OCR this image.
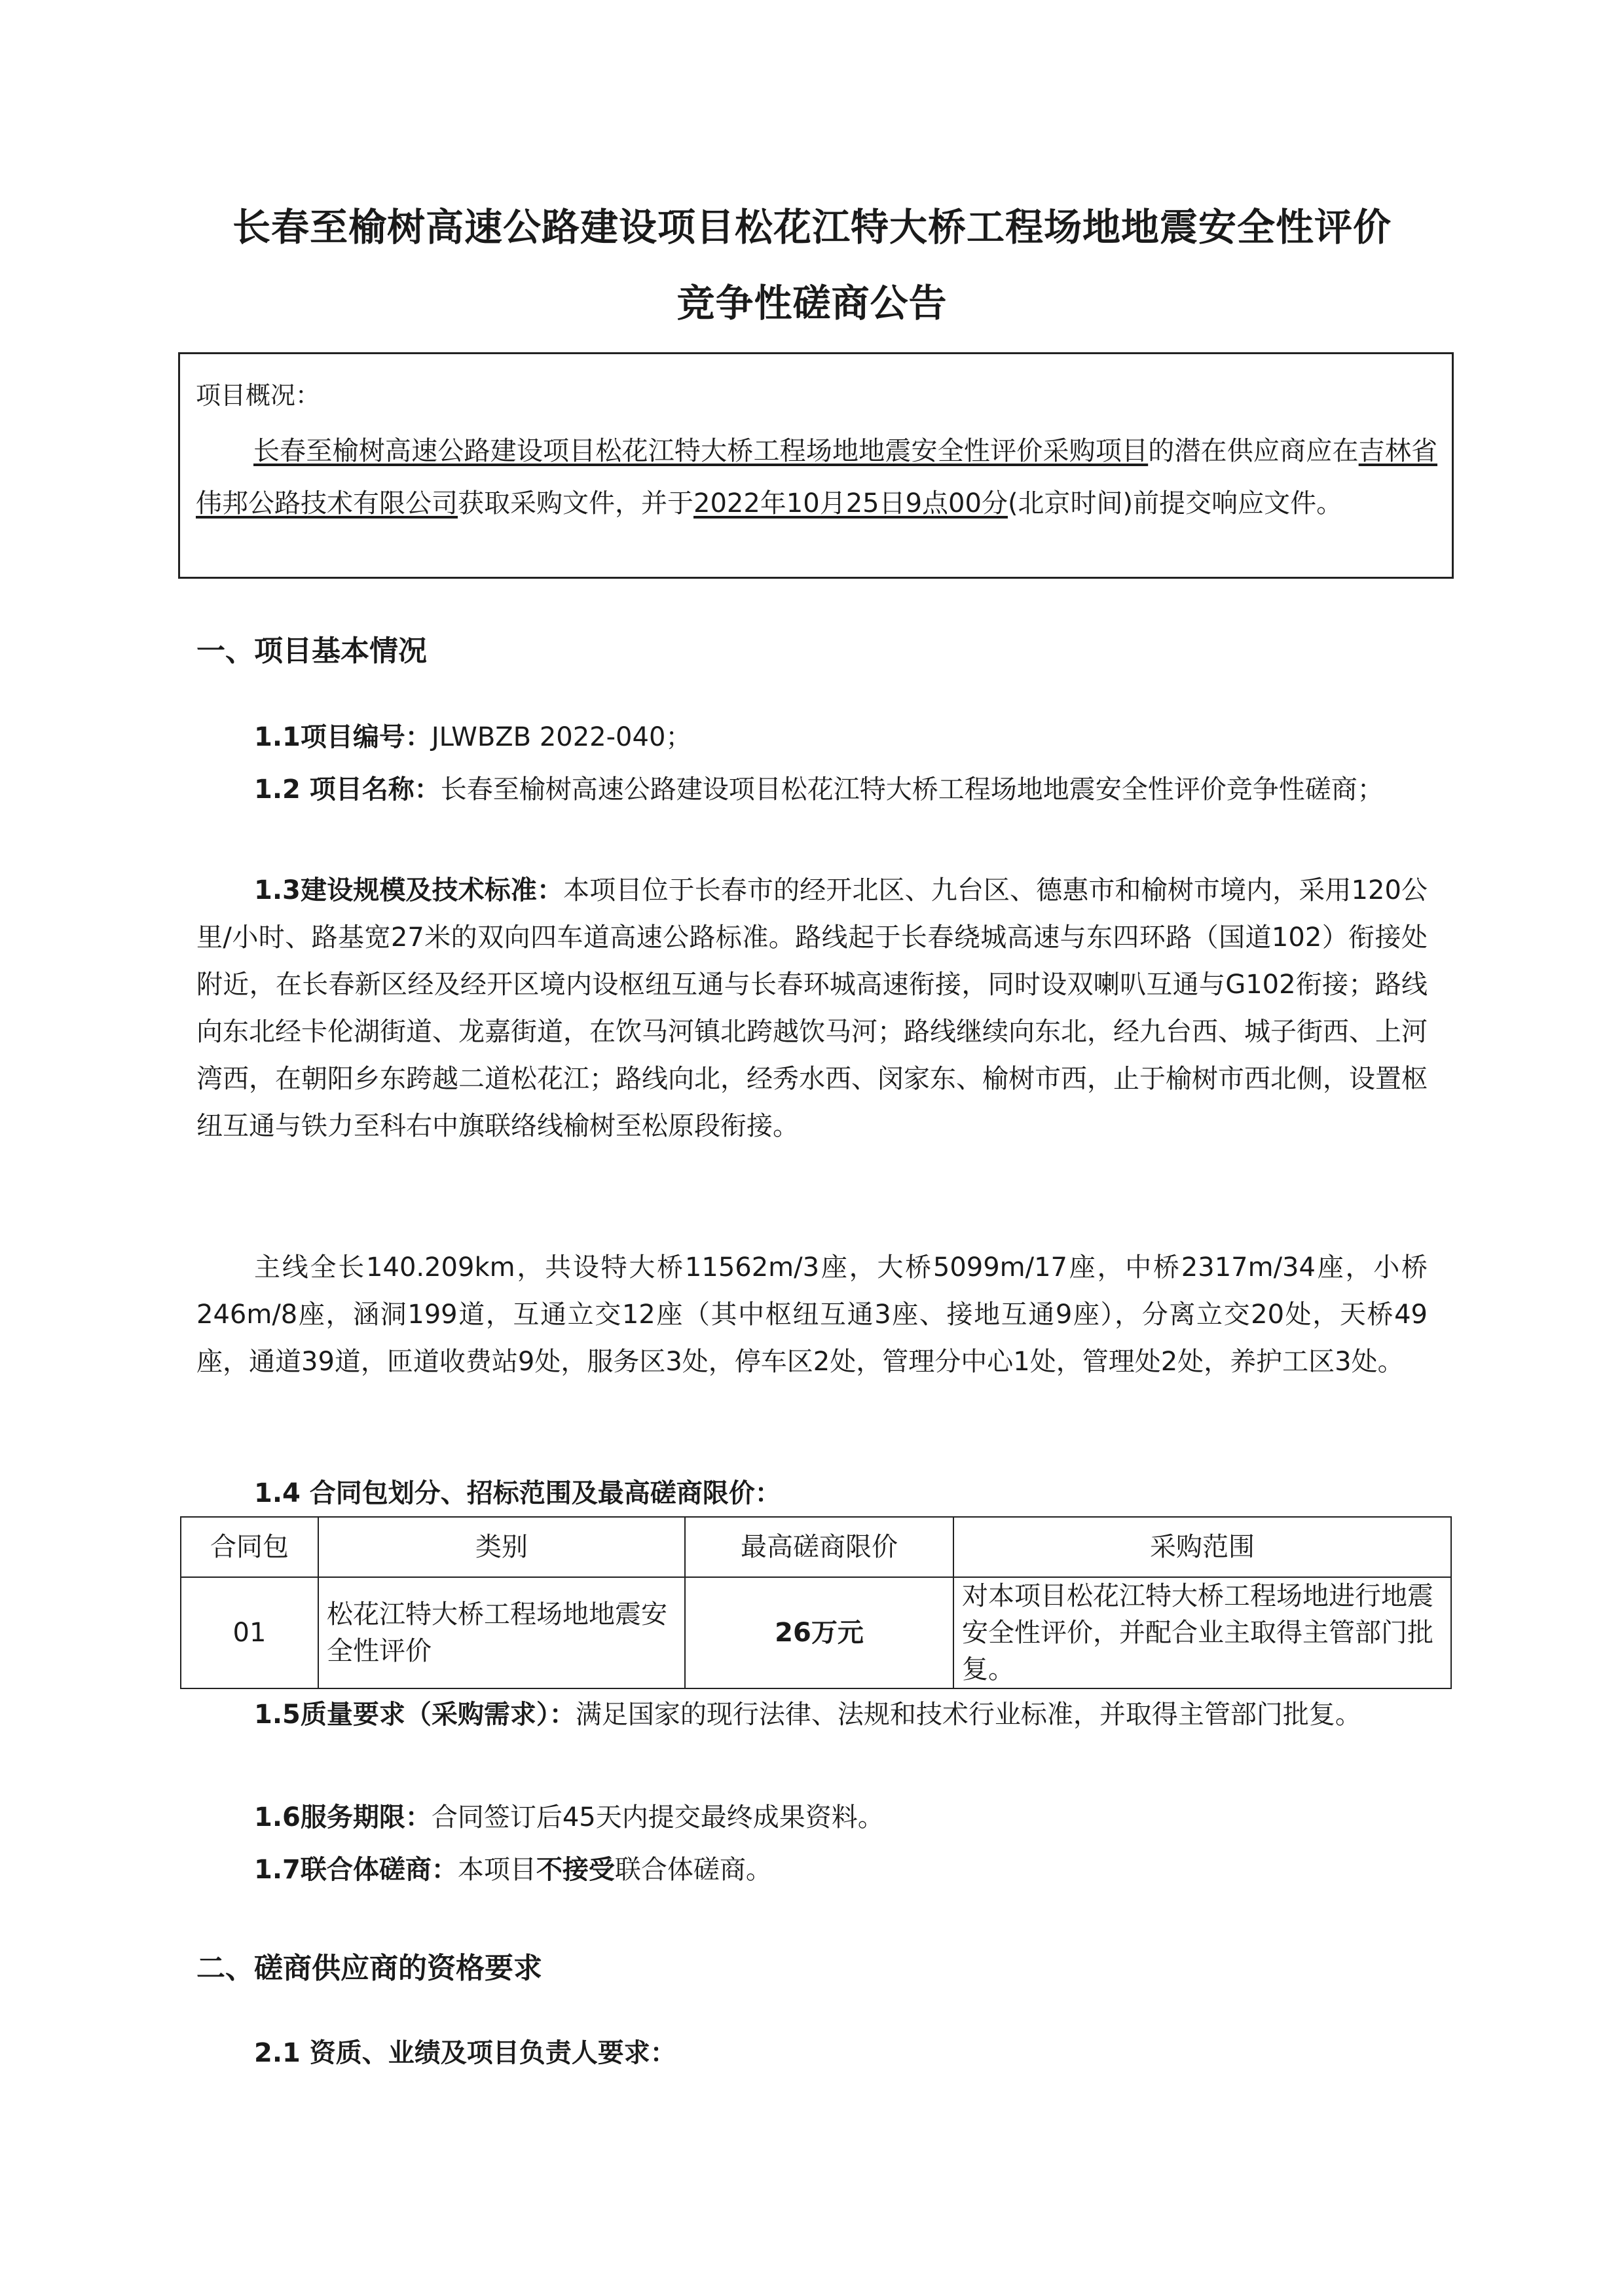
长春至榆树高速公路建设项目松花江特大桥工程场地地震安全性评价
竞争性磋商公告
项目概况：
长春至榆树高速公路建设项目松花江特大桥工程场地地震安全性评价采购项目的潜在供应商应在吉林省伟邦公路技术有限公司获取采购文件，并于2022年10月25日9点00分(北京时间)前提交响应文件。
一、项目基本情况
1.1项目编号：JLWBZB 2022-040；
1.2 项目名称：长春至榆树高速公路建设项目松花江特大桥工程场地地震安全性评价竞争性磋商；
1.3建设规模及技术标准：本项目位于长春市的经开北区、九台区、德惠市和榆树市境内，采用120公里/小时、路基宽27米的双向四车道高速公路标准。路线起于长春绕城高速与东四环路（国道102）衔接处附近，在长春新区经及经开区境内设枢纽互通与长春环城高速衔接，同时设双喇叭互通与G102衔接；路线向东北经卡伦湖街道、龙嘉街道，在饮马河镇北跨越饮马河；路线继续向东北，经九台西、城子街西、上河湾西，在朝阳乡东跨越二道松花江；路线向北，经秀水西、闵家东、榆树市西，止于榆树市西北侧，设置枢纽互通与铁力至科右中旗联络线榆树至松原段衔接。
主线全长140.209km，共设特大桥11562m/3座，大桥5099m/17座，中桥2317m/34座，小桥246m/8座，涵洞199道，互通立交12座（其中枢纽互通3座、接地互通9座），分离立交20处，天桥49座，通道39道，匝道收费站9处，服务区3处，停车区2处，管理分中心1处，管理处2处，养护工区3处。
1.4 合同包划分、招标范围及最高磋商限价：
合同包	类别	最高磋商限价	采购范围
01	松花江特大桥工程场地地震安全性评价	26万元	对本项目松花江特大桥工程场地进行地震安全性评价，并配合业主取得主管部门批复。
1.5质量要求（采购需求）：满足国家的现行法律、法规和技术行业标准，并取得主管部门批复。
1.6服务期限：合同签订后45天内提交最终成果资料。
1.7联合体磋商：本项目不接受联合体磋商。
二、磋商供应商的资格要求
2.1 资质、业绩及项目负责人要求：
